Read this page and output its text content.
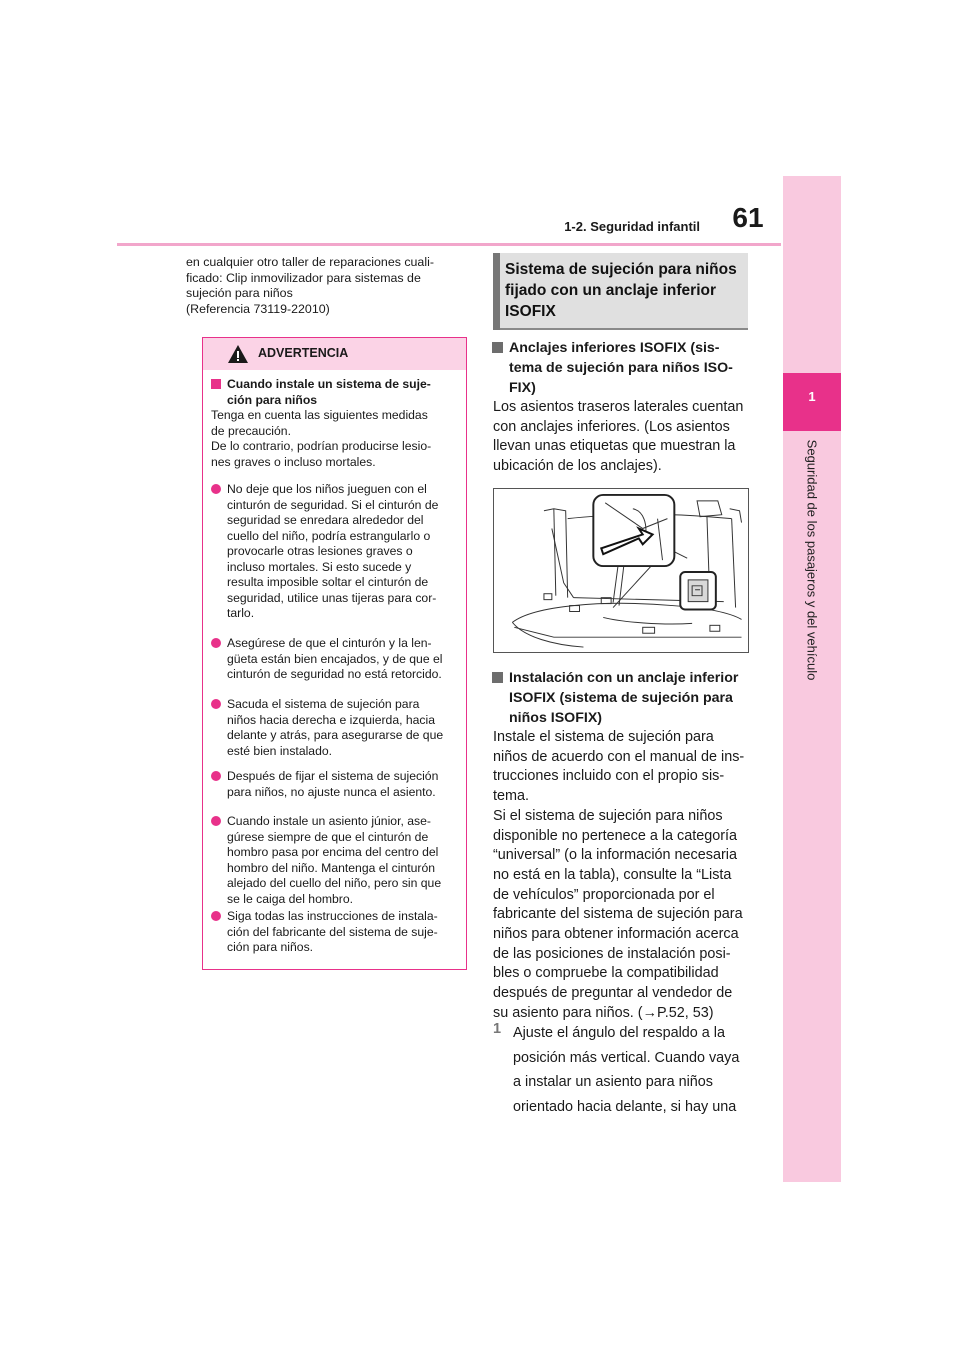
61
1-2. Seguridad infantil
1
Seguridad de los pasajeros y del vehículo
en cualquier otro taller de reparaciones cuali-
ficado: Clip inmovilizador para sistemas de
sujeción para niños
(Referencia 73119-22010)
ADVERTENCIA
Cuando instale un sistema de suje-
ción para niños
Tenga en cuenta las siguientes medidas
de precaución.
De lo contrario, podrían producirse lesio-
nes graves o incluso mortales.
No deje que los niños jueguen con el
cinturón de seguridad. Si el cinturón de
seguridad se enredara alrededor del
cuello del niño, podría estrangularlo o
provocarle otras lesiones graves o
incluso mortales. Si esto sucede y
resulta imposible soltar el cinturón de
seguridad, utilice unas tijeras para cor-
tarlo.
Asegúrese de que el cinturón y la len-
güeta están bien encajados, y de que el
cinturón de seguridad no está retorcido.
Sacuda el sistema de sujeción para
niños hacia derecha e izquierda, hacia
delante y atrás, para asegurarse de que
esté bien instalado.
Después de fijar el sistema de sujeción
para niños, no ajuste nunca el asiento.
Cuando instale un asiento júnior, ase-
gúrese siempre de que el cinturón de
hombro pasa por encima del centro del
hombro del niño. Mantenga el cinturón
alejado del cuello del niño, pero sin que
se le caiga del hombro.
Siga todas las instrucciones de instala-
ción del fabricante del sistema de suje-
ción para niños.
Sistema de sujeción para niños
fijado con un anclaje inferior
ISOFIX
Anclajes inferiores ISOFIX (sis-
tema de sujeción para niños ISO-
FIX)
Los asientos traseros laterales cuentan
con anclajes inferiores. (Los asientos
llevan unas etiquetas que muestran la
ubicación de los anclajes).
Instalación con un anclaje inferior
ISOFIX (sistema de sujeción para
niños ISOFIX)
Instale el sistema de sujeción para
niños de acuerdo con el manual de ins-
trucciones incluido con el propio sis-
tema.
Si el sistema de sujeción para niños
disponible no pertenece a la categoría
“universal” (o la información necesaria
no está en la tabla), consulte la “Lista
de vehículos” proporcionada por el
fabricante del sistema de sujeción para
niños para obtener información acerca
de las posiciones de instalación posi-
bles o compruebe la compatibilidad
después de preguntar al vendedor de
su asiento para niños. (→P.52, 53)
1 Ajuste el ángulo del respaldo a la
posición más vertical. Cuando vaya
a instalar un asiento para niños
orientado hacia delante, si hay una
